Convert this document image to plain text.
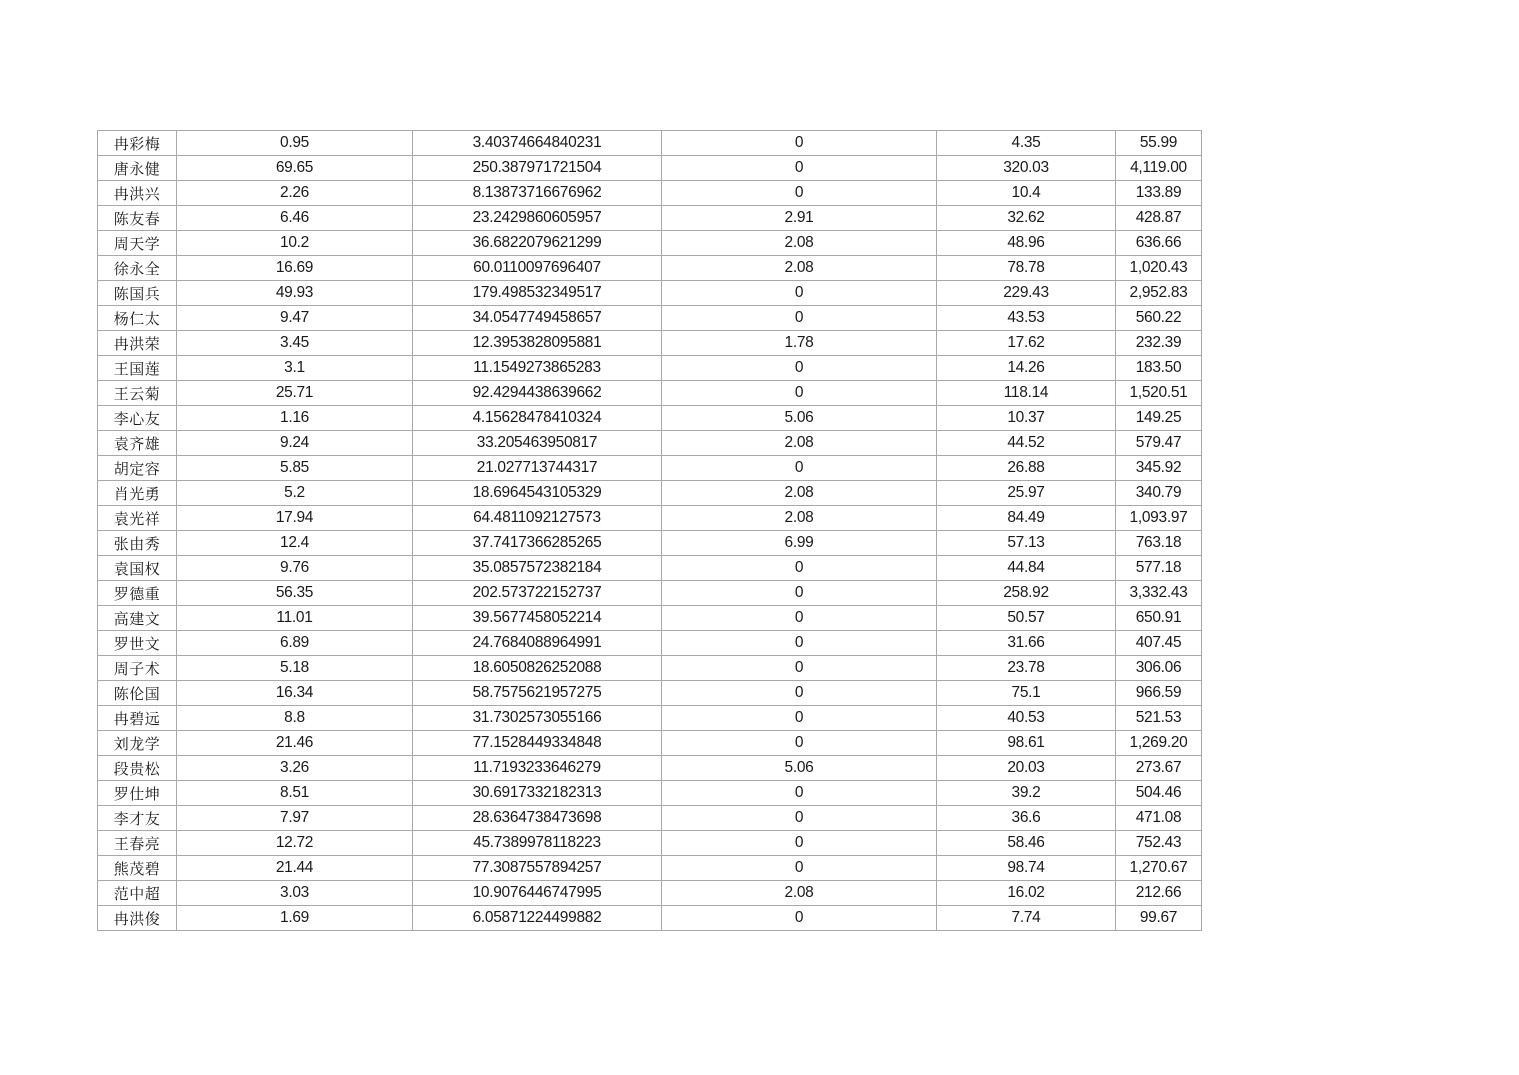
冉彩梅	0.95	3.40374664840231	0	4.35	55.99
唐永健	69.65	250.387971721504	0	320.03	4,119.00
冉洪兴	2.26	8.13873716676962	0	10.4	133.89
陈友春	6.46	23.2429860605957	2.91	32.62	428.87
周天学	10.2	36.6822079621299	2.08	48.96	636.66
徐永全	16.69	60.0110097696407	2.08	78.78	1,020.43
陈国兵	49.93	179.498532349517	0	229.43	2,952.83
杨仁太	9.47	34.0547749458657	0	43.53	560.22
冉洪荣	3.45	12.3953828095881	1.78	17.62	232.39
王国莲	3.1	11.1549273865283	0	14.26	183.50
王云菊	25.71	92.4294438639662	0	118.14	1,520.51
李心友	1.16	4.15628478410324	5.06	10.37	149.25
袁齐雄	9.24	33.205463950817	2.08	44.52	579.47
胡定容	5.85	21.027713744317	0	26.88	345.92
肖光勇	5.2	18.6964543105329	2.08	25.97	340.79
袁光祥	17.94	64.4811092127573	2.08	84.49	1,093.97
张由秀	12.4	37.7417366285265	6.99	57.13	763.18
袁国权	9.76	35.0857572382184	0	44.84	577.18
罗德重	56.35	202.573722152737	0	258.92	3,332.43
高建文	11.01	39.5677458052214	0	50.57	650.91
罗世文	6.89	24.7684088964991	0	31.66	407.45
周子术	5.18	18.6050826252088	0	23.78	306.06
陈伦国	16.34	58.7575621957275	0	75.1	966.59
冉碧远	8.8	31.7302573055166	0	40.53	521.53
刘龙学	21.46	77.1528449334848	0	98.61	1,269.20
段贵松	3.26	11.7193233646279	5.06	20.03	273.67
罗仕坤	8.51	30.6917332182313	0	39.2	504.46
李才友	7.97	28.6364738473698	0	36.6	471.08
王春亮	12.72	45.7389978118223	0	58.46	752.43
熊茂碧	21.44	77.3087557894257	0	98.74	1,270.67
范中超	3.03	10.9076446747995	2.08	16.02	212.66
冉洪俊	1.69	6.05871224499882	0	7.74	99.67
